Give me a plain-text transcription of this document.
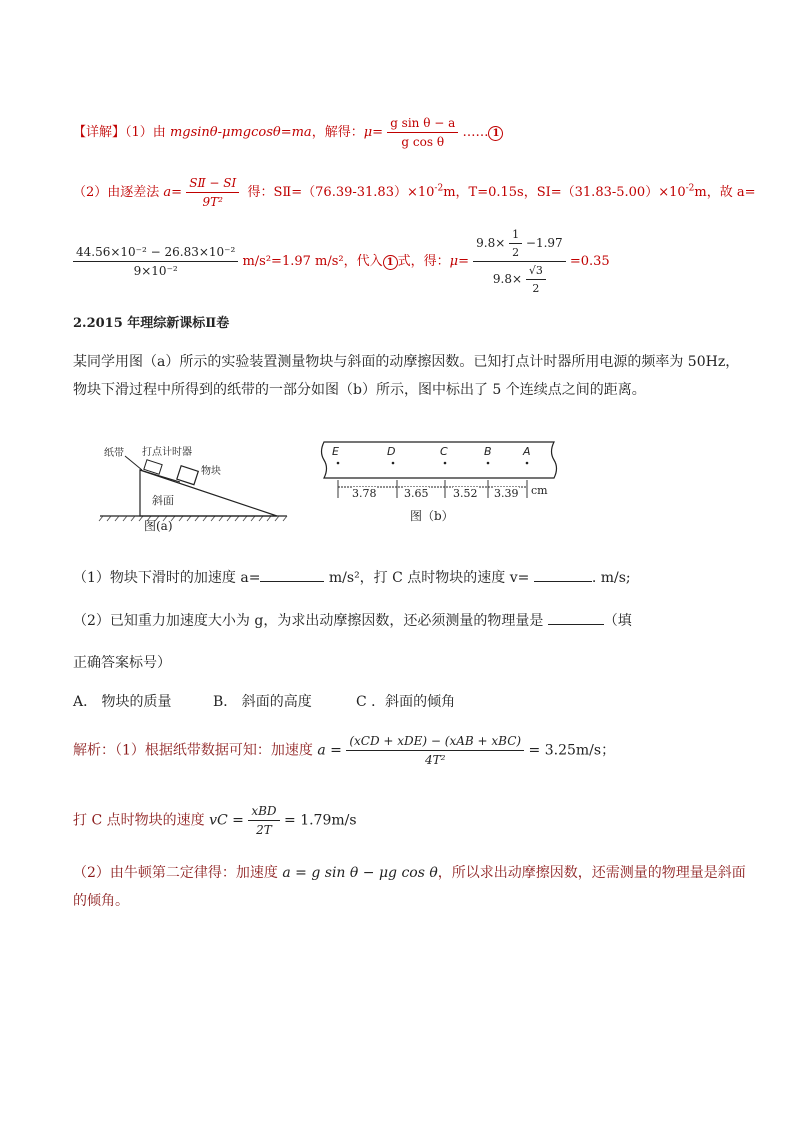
【详解】（1）由 mgsinθ-μmgcosθ=ma，解得：$\mu= \frac{\text{g sin θ − a}}{\text{g cos θ}}$ …… 1
（2）由逐差法 $a= \frac{\text{SⅡ − SⅠ}}{\text{9T²}}$ 得：$SⅡ=(76.39-31.83)\times 10^{-2}m$，T=0.15s，$SⅠ=(31.83-5.00)\times 10^{-2}m$，故 a=
$\frac{\text{44.56×10⁻² − 26.83×10⁻²}}{\text{9×10⁻²}} m/s^2=1.97$ m/s²，代入 1 式，得：$\mu= \frac{9.8\times \frac{1}{2} -1.97}{9.8\times \frac{√3}{2}} =0.35$
2.2015 年理综新课标Ⅱ卷
某同学用图（a）所示的实验装置测量物块与斜面的动摩擦因数。已知打点计时器所用电源的频率为 50Hz，
物块下滑过程中所得到的纸带的一部分如图（b）所示，图中标出了 5 个连续点之间的距离。
纸带 打点计时器
物块
斜面
图(a)
E	D	C	B	A
3.78	3.65 3.52 3.39 cm
图（b）
（1）物块下滑时的加速度 a=	m/s²，打 C 点时物块的速度 v=	. m/s;
（2）已知重力加速度大小为 g，为求出动摩擦因数，还必须测量的物理量是	（填
正确答案标号）
A． 物块的质量	B． 斜面的高度	C ．斜面的倾角
解析：（1）根据纸带数据可知：加速度 $a = \frac{\text{(xCD + xDE) − (xAB + xBC)}}{\text{4T²}} = 3.25m/s$；
打 C 点时物块的速度 vC = $\frac{\text{xBD}}{2T} = 1.79m/s$
（2）由牛顿第二定律得：加速度 a = g sin θ − μg cos θ，所以求出动摩擦因数，还需测量的物理量是斜面
的倾角。
